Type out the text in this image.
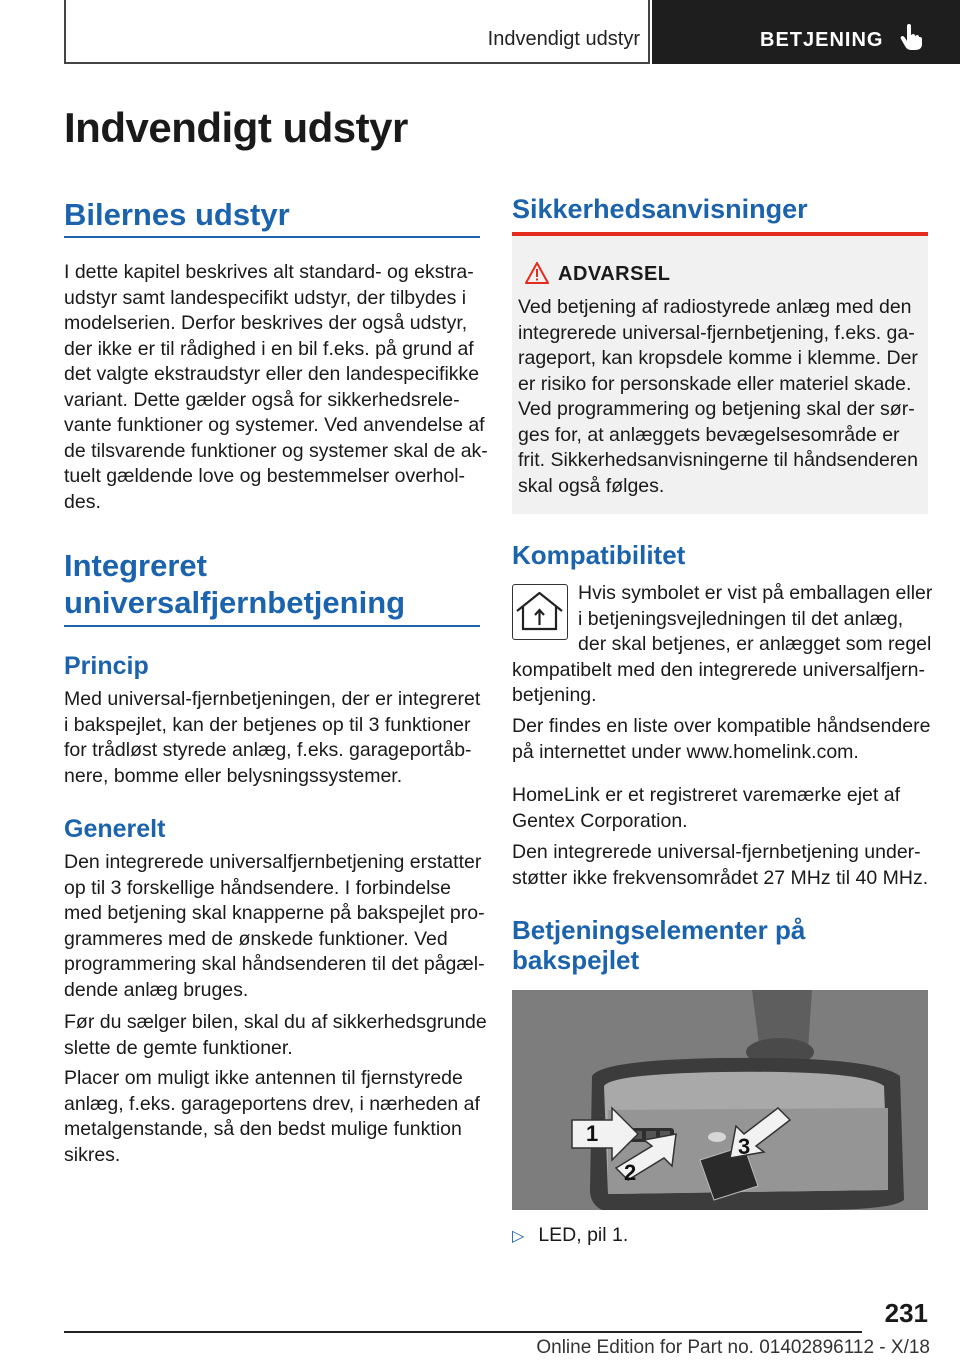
Indvendigt udstyr	BETJENING
Indvendigt udstyr
Bilernes udstyr
I dette kapitel beskrives alt standard- og ekstra-
udstyr samt landespecifikt udstyr, der tilbydes i
modelserien. Derfor beskrives der også udstyr,
der ikke er til rådighed i en bil f.eks. på grund af
det valgte ekstraudstyr eller den landespecifikke
variant. Dette gælder også for sikkerhedsrele-
vante funktioner og systemer. Ved anvendelse af
de tilsvarende funktioner og systemer skal de ak-
tuelt gældende love og bestemmelser overhol-
des.
Integreret
universalfjernbetjening
Princip
Med universal-fjernbetjeningen, der er integreret
i bakspejlet, kan der betjenes op til 3 funktioner
for trådløst styrede anlæg, f.eks. garageportåb-
nere, bomme eller belysningssystemer.
Generelt
Den integrerede universalfjernbetjening erstatter
op til 3 forskellige håndsendere. I forbindelse
med betjening skal knapperne på bakspejlet pro-
grammeres med de ønskede funktioner. Ved
programmering skal håndsenderen til det pågæl-
dende anlæg bruges.
Før du sælger bilen, skal du af sikkerhedsgrunde
slette de gemte funktioner.
Placer om muligt ikke antennen til fjernstyrede
anlæg, f.eks. garageportens drev, i nærheden af
metalgenstande, så den bedst mulige funktion
sikres.
Sikkerhedsanvisninger
ADVARSEL
Ved betjening af radiostyrede anlæg med den
integrerede universal-fjernbetjening, f.eks. ga-
rageport, kan kropsdele komme i klemme. Der
er risiko for personskade eller materiel skade.
Ved programmering og betjening skal der sør-
ges for, at anlæggets bevægelsesområde er
frit. Sikkerhedsanvisningerne til håndsenderen
skal også følges.
Kompatibilitet
Hvis symbolet er vist på emballagen eller
i betjeningsvejledningen til det anlæg,
der skal betjenes, er anlægget som regel
kompatibelt med den integrerede universalfjern-
betjening.
Der findes en liste over kompatible håndsendere
på internettet under www.homelink.com.
HomeLink er et registreret varemærke ejet af
Gentex Corporation.
Den integrerede universal-fjernbetjening under-
støtter ikke frekvensområdet 27 MHz til 40 MHz.
Betjeningselementer på
bakspejlet
1
2
3
▷ LED, pil 1.
231
Online Edition for Part no. 01402896112 - X/18
